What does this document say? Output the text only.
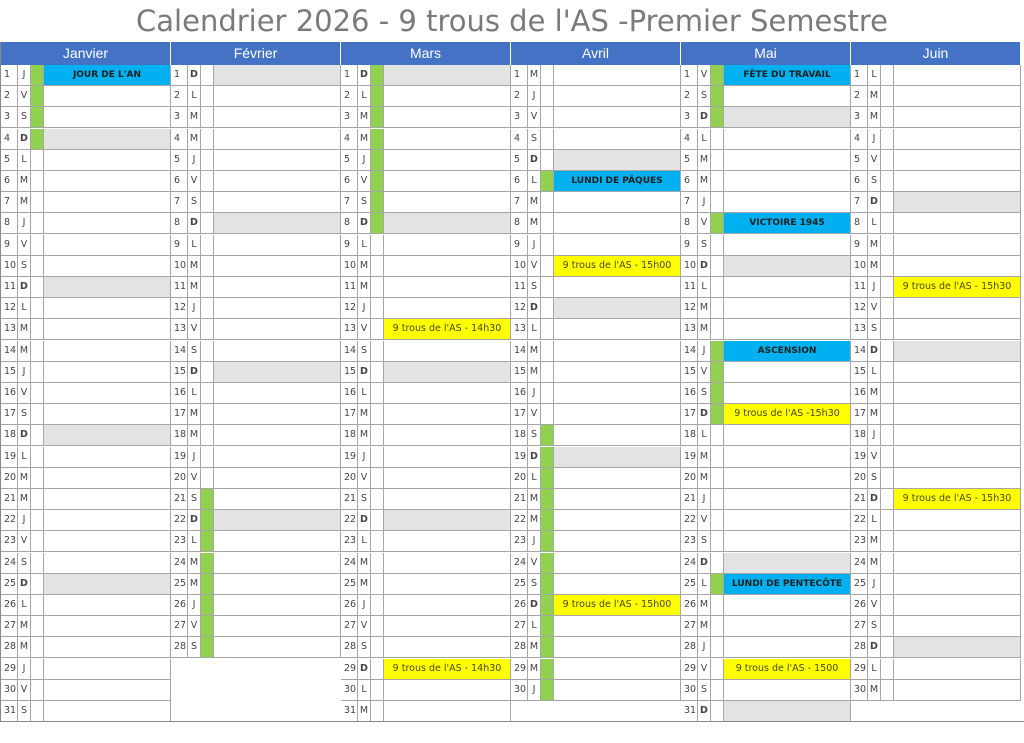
Calendrier 2026 - 9 trous de l'AS -Premier Semestre
Janvier
1	J	JOUR DE L'AN
2	V
3	S
4	D
5	L
6	M
7	M
8	J
9	V
10 S
11 D
12 L
13 M
14 M
15 J
16 V
17 S
18 D
19 L
20 M
21 M
22 J
23 V
24 S
25 D
26 L
27 M
28 M
29 J
30 V
31 S
Février
1	D
2	L
3	M
4	M
5	J
6	V
7	S
8	D
9	L
10 M
11 M
12 J
13 V
14 S
15 D
16 L
17 M
18 M
19 J
20 V
21 S
22 D
23 L
24 M
25 M
26 J
27 V
28 S
Mars
1	D
2	L
3	M
4	M
5	J
6	V
7	S
8	D
9	L
10 M
11 M
12 J
13 V	9 trous de l'AS - 14h30
14 S
15 D
16 L
17 M
18 M
19 J
20 V
21 S
22 D
23 L
24 M
25 M
26 J
27 V
28 S
29 D	9 trous de l'AS - 14h30
30 L
31 M
Avril
1	M
2	J
3	V
4	S
5	D
6	L	LUNDI DE PÂQUES
7	M
8	M
9	J
10 V	9 trous de l'AS - 15h00
11 S
12 D
13 L
14 M
15 M
16 J
17 V
18 S
19 D
20 L
21 M
22 M
23 J
24 V
25 S
26 D	9 trous de l'AS - 15h00
27 L
28 M
29 M
30 J
Mai
1	V	FÊTE DU TRAVAIL
2	S
3	D
4	L
5	M
6	M
7	J
8	V	VICTOIRE 1945
9	S
10 D
11 L
12 M
13 M
14 J	ASCENSION
15 V
16 S
17 D	9 trous de l'AS -15h30
18 L
19 M
20 M
21 J
22 V
23 S
24 D
25 L	LUNDI DE PENTECÔTE
26 M
27 M
28 J
29 V	9 trous de l'AS - 1500
30 S
31 D
Juin
1	L
2	M
3	M
4	J
5	V
6	S
7	D
8	L
9	M
10 M
11 J	9 trous de l'AS - 15h30
12 V
13 S
14 D
15 L
16 M
17 M
18 J
19 V
20 S
21 D	9 trous de l'AS - 15h30
22 L
23 M
24 M
25 J
26 V
27 S
28 D
29 L
30 M
